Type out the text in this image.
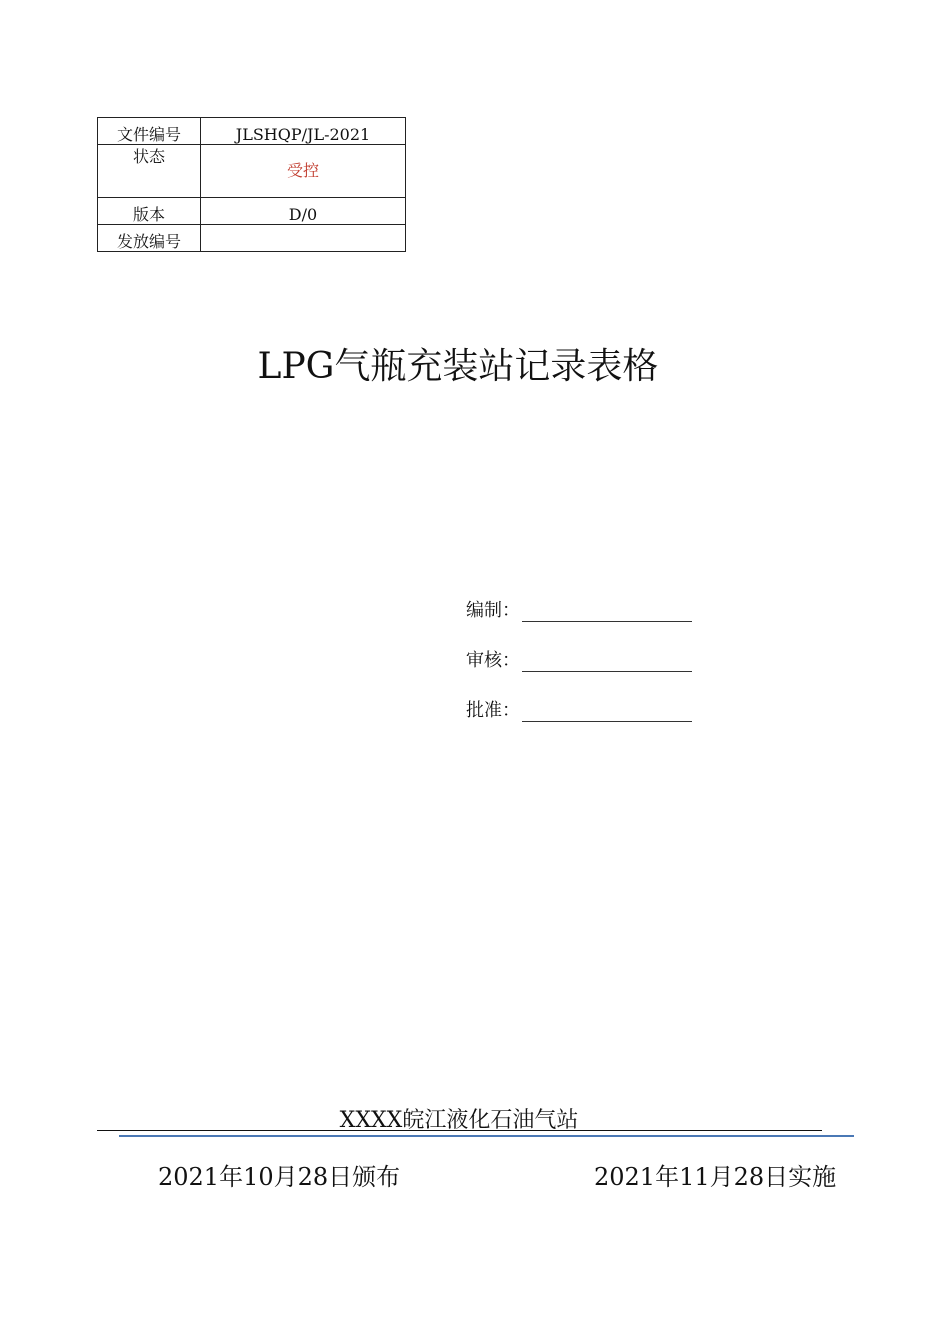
文件编号	JLSHQP/JL-2021
状态	受控
版本	D/0
发放编号	
LPG气瓶充装站记录表格
编制：
审核：
批准：
XXXX皖江液化石油气站
2021年10月28日颁布	2021年11月28日实施
